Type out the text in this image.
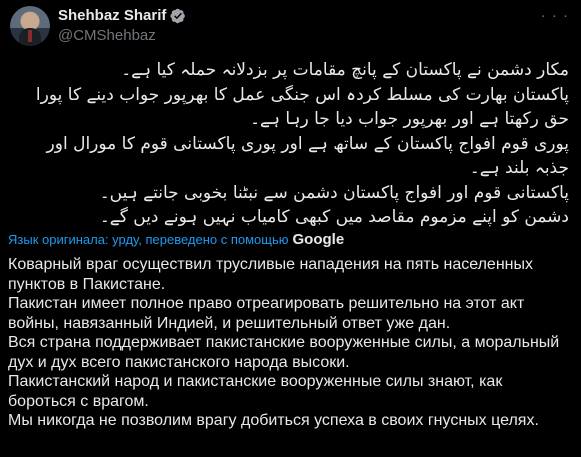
Shehbaz Sharif
@CMShehbaz
· · ·

مکار دشمن نے پاکستان کے پانچ مقامات پر بزدلانہ حملہ کیا ہے۔

پاکستان بھارت کی مسلط کردہ اس جنگی عمل کا بھرپور جواب دینے کا پورا حق رکھتا ہے اور بھرپور جواب دیا جا رہا ہے۔

پوری قوم افواج پاکستان کے ساتھ ہے اور پوری پاکستانی قوم کا مورال اور جذبہ بلند ہے۔

پاکستانی قوم اور افواج پاکستان دشمن سے نبٹنا بخوبی جانتے ہیں۔

دشمن کو اپنے مزموم مقاصد میں کبھی کامیاب نہیں ہونے دیں گے۔

Язык оригинала: урду, переведено с помощью Google

Коварный враг осуществил трусливые нападения на пять населенных пунктов в Пакистане.

Пакистан имеет полное право отреагировать решительно на этот акт войны, навязанный Индией, и решительный ответ уже дан.

Вся страна поддерживает пакистанские вооруженные силы, а моральный дух и дух всего пакистанского народа высоки.

Пакистанский народ и пакистанские вооруженные силы знают, как бороться с врагом.

Мы никогда не позволим врагу добиться успеха в своих гнусных целях.
